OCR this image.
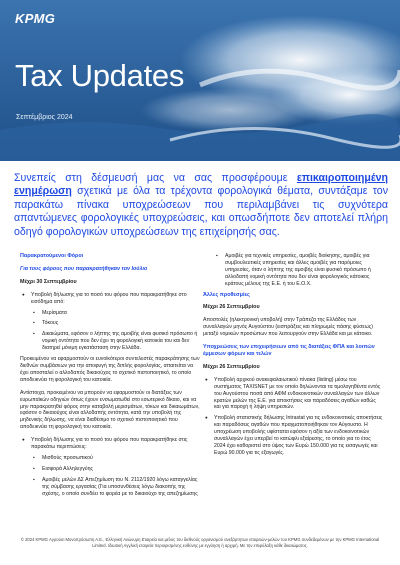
KPMG
Tax Updates
Σεπτέμβριος 2024
Συνεπείς στη δέσμευσή μας να σας προσφέρουμε επικαιροποιημένη ενημέρωση σχετικά με όλα τα τρέχοντα φορολογικά θέματα, συντάξαμε τον παρακάτω πίνακα υποχρεώσεων που περιλαμβάνει τις συχνότερα απαντώμενες φορολογικές υποχρεώσεις, και οπωσδήποτε δεν αποτελεί πλήρη οδηγό φορολογικών υποχρεώσεων της επιχείρησής σας.
Παρακρατούμενοι Φόροι
Για τους φόρους που παρακρατήθηκαν τον Ιούλιο
Μέχρι 30 Σεπτεμβρίου
● Υποβολή δήλωσης για το ποσό του φόρου που παρακρατήθηκε στο εισόδημα από:
▪ Μερίσματα
▪ Τόκους
▪ Δικαιώματα, εφόσον ο λήπτης της αμοιβής είναι φυσικό πρόσωπο ή νομική οντότητα που δεν έχει τη φορολογική κατοικία του και δεν διατηρεί μόνιμη εγκατάσταση στην Ελλάδα.
Προκειμένου να εφαρμοστούν οι ευνοϊκότεροι συντελεστές παρακράτησης των διεθνών συμβάσεων για την αποφυγή της διπλής φορολογίας, απαιτείται να έχει αποσταλεί ο αλλοδαπός δικαιούχος το σχετικό πιστοποιητικό, το οποίο αποδεικνύει τη φορολογική του κατοικία.
Αντίστοιχα, προκειμένου να μπορούν να εφαρμοστούν οι διατάξεις των ευρωπαϊκών οδηγιών όπως έχουν ενσωματωθεί στο εσωτερικό δίκαιο, και να μην παρακρατηθεί φόρος στην καταβολή μερισμάτων, τόκων και δικαιωμάτων, εφόσον ο δικαιούχος είναι αλλοδαπής οντότητα, κατά την υποβολή της μηδενικής δήλωσης, να είναι διαθέσιμο το σχετικό πιστοποιητικό που αποδεικνύει τη φορολογική του κατοικία.
● Υποβολή δήλωσης για το ποσό του φόρου που παρακρατήθηκε στις παρακάτω περιπτώσεις:
▪ Μισθούς προσωπικού
▪ Εισφορά Αλληλεγγύης
▪ Αμοιβές μελών ΔΣ Απεζημίωση του Ν. 2112/1920 λόγω καταγγελίας της σύμβασης εργασίας (Για υποσυνθέσεις λόγω διακοπής της σχέσης, ο οποίο συνδέει το φορέα με το δικαιούχο της απεζημίωσης
▪ Αμοιβές για τεχνικές υπηρεσίες, αμοιβές διοίκησης, αμοιβές για συμβουλευτικές υπηρεσίες και άλλες αμοιβές για παρόμοιες υπηρεσίες, όταν ο λήπτης της αμοιβής είναι φυσικό πρόσωπο ή αλλοδαπή νομική οντότητα που δεν είναι φορολογικός κάτοικος κράτους μέλους της Ε.Ε. ή του Ε.Ο.Χ.
Άλλες προθεσμίες
Μέχρι 26 Σεπτεμβρίου
Αποστολές (ηλεκτρονική υποβολή) στην Τράπεζα της Ελλάδος των συναλλαγών μηνός Αυγούστου (εισπράξεις και πληρωμές πάσης φύσεως) μεταξύ νομικών προσώπων που λειτουργούν στην Ελλάδα και με κάτοικο.
Υποχρεώσεις των επιχειρήσεων από τις διατάξεις ΦΠΑ και λοιπών έμμεσων φόρων και τελών
Μέχρι 26 Σεπτεμβρίου
● Υποβολή αρχικού ανακεφαλαιωτικού πίνακα (listing) μέσω του συστήματος TAXISNET με τον οποίο δηλώνονται τα τιμολογηθέντα εντός του Αυγούστου ποσά από ΑΦΜ ενδοκοινοτικών συναλλαγών των άλλων κρατών μελών της Ε.Ε. για αποκτήσεις και παραδόσεις αγαθών καθώς και για παροχή ή λήψη υπηρεσιών.
● Υποβολή στατιστικής δήλωσης Intrastat για τις ενδοκοινοτικές αποκτήσεις και παραδόσεις αγαθών που πραγματοποιήθηκαν τον Αύγουστο. Η υποχρέωση υποβολής υφίσταται εφόσον η αξία των ενδοκοινοτικών συναλλαγών έχει υπερβεί το κατώφλι εξαίρεσης, το οποίο για το έτος 2024 έχει καθοριστεί στο ύψος των Ευρώ 150.000 για τις εισαγωγές και Ευρώ 90.000 για τις εξαγωγές.
© 2024 KPMG Αγρούσι Μονοπρόσωπη Α.Ε., Ελληνική Ανώνυμη Εταιρεία και μέλος του διεθνούς οργανισμού ανεξάρτητων εταιρειών-μελών του KPMG συνδεδεμένων με την KPMG International Limited. Ιδιωτική Αγγλική εταιρεία περιορισμένης ευθύνης με εγγύηση ή αρχιμή. Με την επιφύλαξη κάθε δικαιώματος.
